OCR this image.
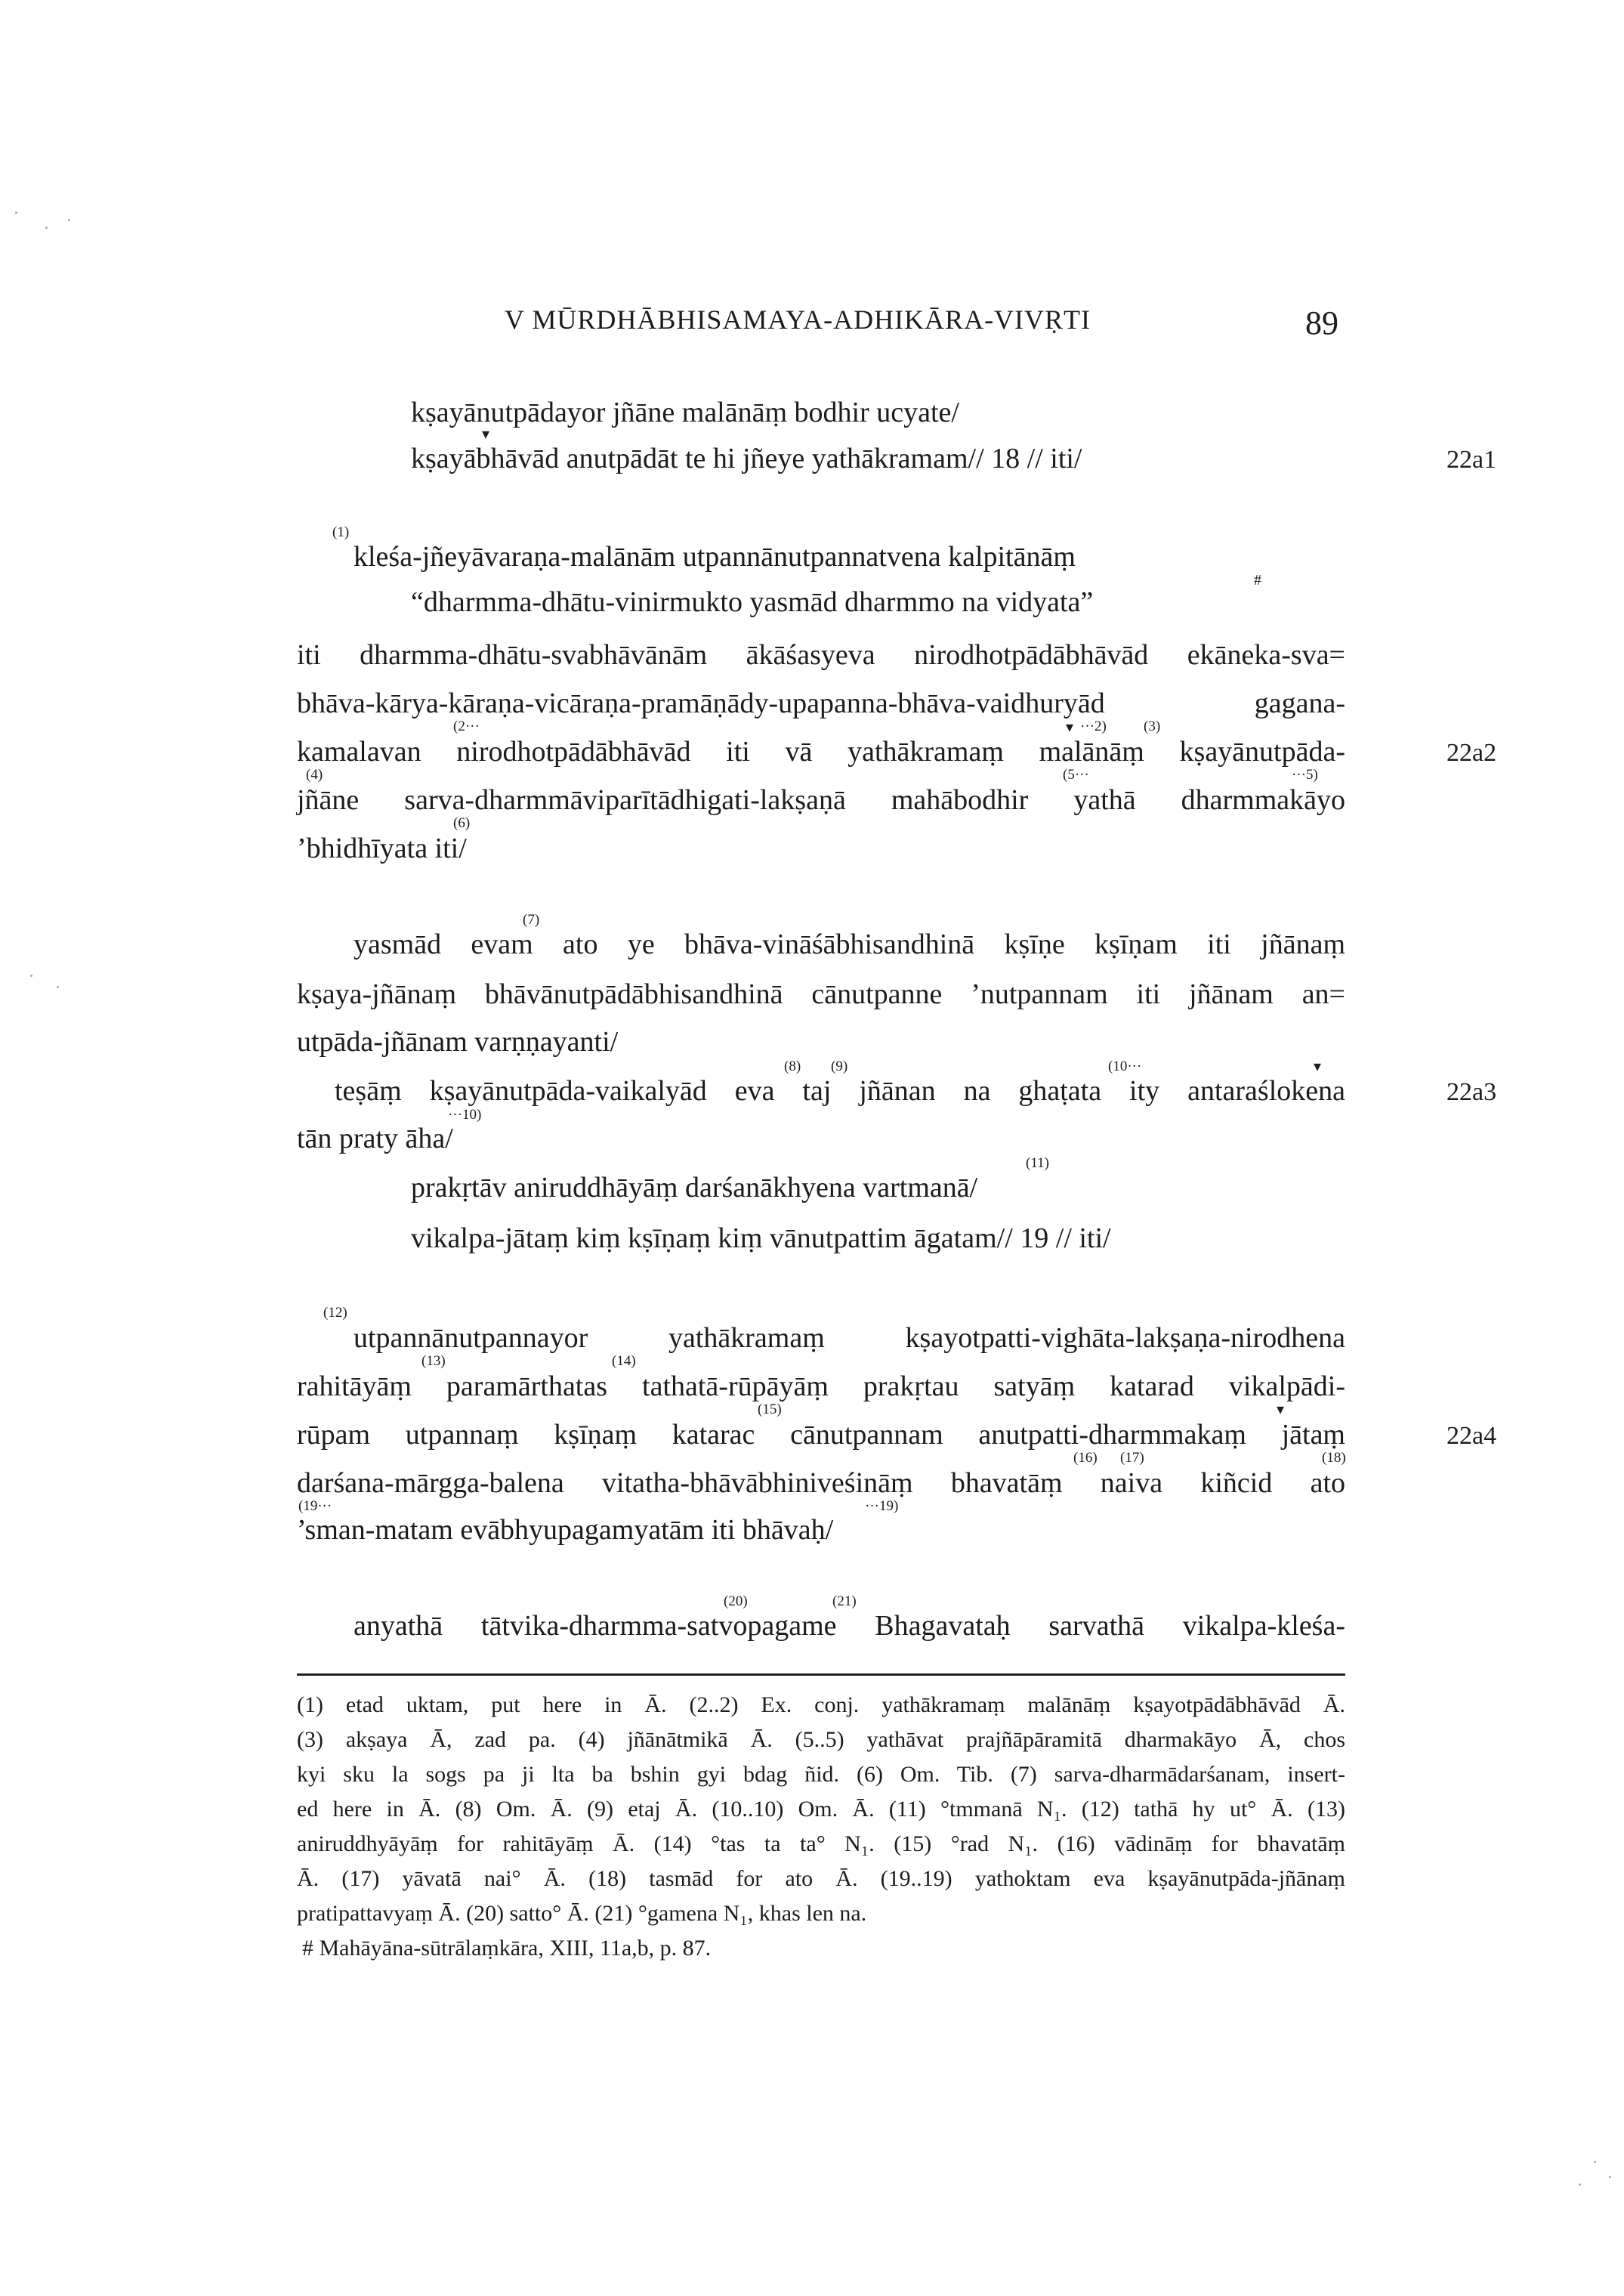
V MŪRDHĀBHISAMAYA-ADHIKĀRA-VIVṚTI	89
kṣayānutpādayor jñāne malānāṃ bodhir ucyate/
▾
kṣayābhāvād anutpādāt te hi jñeye yathākramam// 18 // iti/	22a1
(1)
kleśa-jñeyāvaraṇa-malānām utpannānutpannatvena kalpitānāṃ
#
“dharmma-dhātu-vinirmukto yasmād dharmmo na vidyata”
iti dharmma-dhātu-svabhāvānām ākāśasyeva nirodhotpādābhāvād ekāneka-sva=
bhāva-kārya-kāraṇa-vicāraṇa-pramāṇādy-upapanna-bhāva-vaidhuryād gagana-
(2···	▾ ···2)	(3)
kamalavan nirodhotpādābhāvād iti vā yathākramaṃ malānāṃ kṣayānutpāda-	22a2
(4)	(5···	···5)
jñāne sarva-dharmmāviparītādhigati-lakṣaṇā mahābodhir yathā dharmmakāyo
(6)
’bhidhīyata iti/
(7)
yasmād evam ato ye bhāva-vināśābhisandhinā kṣīṇe kṣīṇam iti jñānaṃ
kṣaya-jñānaṃ bhāvānutpādābhisandhinā cānutpanne ’nutpannam iti jñānam an=
utpāda-jñānam varṇṇayanti/
(8) (9)	(10···	▾
teṣāṃ kṣayānutpāda-vaikalyād eva taj jñānan na ghaṭata ity antaraślokena	22a3
···10)
tān praty āha/
(11)
prakṛtāv aniruddhāyāṃ darśanākhyena vartmanā/
vikalpa-jātaṃ kiṃ kṣīṇaṃ kiṃ vānutpattim āgatam// 19 // iti/
(12)
utpannānutpannayor yathākramaṃ kṣayotpatti-vighāta-lakṣaṇa-nirodhena
(13)	(14)
rahitāyāṃ paramārthatas tathatā-rūpāyāṃ prakṛtau satyāṃ katarad vikalpādi-
(15)	▾
rūpam utpannaṃ kṣīṇaṃ katarac cānutpannam anutpatti-dharmmakaṃ jātaṃ	22a4
(16) (17)	(18)
darśana-mārgga-balena vitatha-bhāvābhiniveśināṃ bhavatāṃ naiva kiñcid ato
(19···	···19)
’sman-matam evābhyupagamyatām iti bhāvaḥ/
(20)	(21)
anyathā tātvika-dharmma-satvopagame Bhagavataḥ sarvathā vikalpa-kleśa-
(1) etad uktam, put here in Ā. (2..2) Ex. conj. yathākramaṃ malānāṃ kṣayotpādābhāvād Ā.
(3) akṣaya Ā, zad pa. (4) jñānātmikā Ā. (5..5) yathāvat prajñāpāramitā dharmakāyo Ā, chos
kyi sku la sogs pa ji lta ba bshin gyi bdag ñid. (6) Om. Tib. (7) sarva-dharmādarśanam, insert-
ed here in Ā. (8) Om. Ā. (9) etaj Ā. (10..10) Om. Ā. (11) °tmmanā N₁. (12) tathā hy ut° Ā. (13)
aniruddhyāyāṃ for rahitāyāṃ Ā. (14) °tas ta ta° N₁. (15) °rad N₁. (16) vādināṃ for bhavatāṃ
Ā. (17) yāvatā nai° Ā. (18) tasmād for ato Ā. (19..19) yathoktam eva kṣayānutpāda-jñānaṃ
pratipattavyaṃ Ā. (20) satto° Ā. (21) °gamena N₁, khas len na.
# Mahāyāna-sūtrālaṃkāra, XIII, 11a,b, p. 87.
